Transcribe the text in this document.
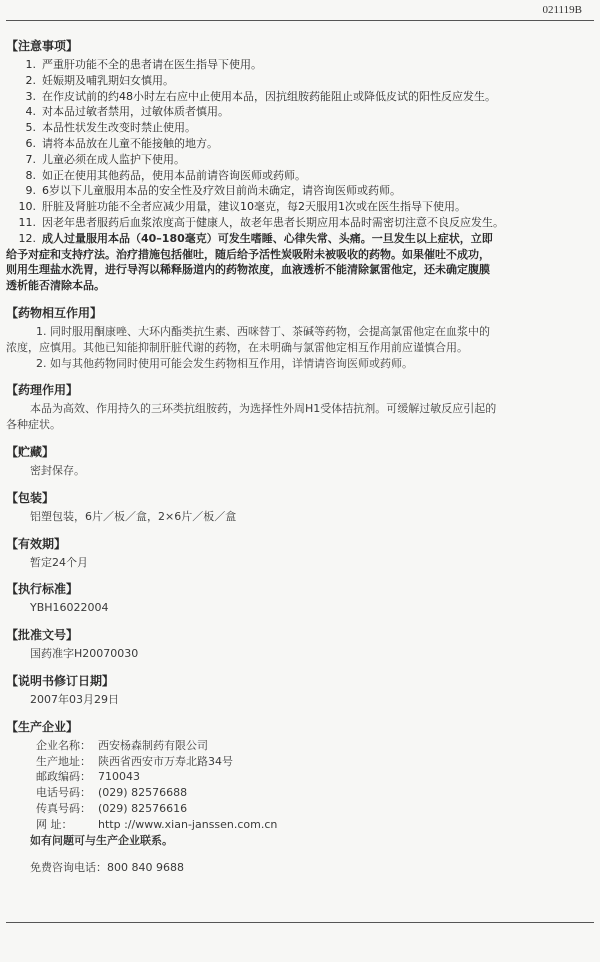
021119B
【注意事项】
1. 严重肝功能不全的患者请在医生指导下使用。
2. 妊娠期及哺乳期妇女慎用。
3. 在作皮试前的约48小时左右应中止使用本品，因抗组胺药能阻止或降低皮试的阳性反应发生。
4. 对本品过敏者禁用，过敏体质者慎用。
5. 本品性状发生改变时禁止使用。
6. 请将本品放在儿童不能接触的地方。
7. 儿童必须在成人监护下使用。
8. 如正在使用其他药品，使用本品前请咨询医师或药师。
9. 6岁以下儿童服用本品的安全性及疗效目前尚未确定，请咨询医师或药师。
10. 肝脏及肾脏功能不全者应减少用量，建议10毫克，每2天服用1次或在医生指导下使用。
11. 因老年患者服药后血浆浓度高于健康人，故老年患者长期应用本品时需密切注意不良反应发生。
12. 成人过量服用本品（40–180毫克）可发生嗜睡、心律失常、头痛。一旦发生以上症状，立即
给予对症和支持疗法。治疗措施包括催吐，随后给予活性炭吸附未被吸收的药物。如果催吐不成功，
则用生理盐水洗胃，进行导泻以稀释肠道内的药物浓度，血液透析不能清除氯雷他定，还未确定腹膜
透析能否清除本品。
【药物相互作用】
1. 同时服用酮康唑、大环内酯类抗生素、西咪替丁、茶碱等药物，会提高氯雷他定在血浆中的
浓度，应慎用。其他已知能抑制肝脏代谢的药物，在未明确与氯雷他定相互作用前应谨慎合用。
2. 如与其他药物同时使用可能会发生药物相互作用，详情请咨询医师或药师。
【药理作用】
本品为高效、作用持久的三环类抗组胺药，为选择性外周H1受体拮抗剂。可缓解过敏反应引起的
各种症状。
【贮藏】
密封保存。
【包装】
铝塑包装，6片／板／盒，2×6片／板／盒
【有效期】
暂定24个月
【执行标准】
YBH16022004
【批准文号】
国药准字H20070030
【说明书修订日期】
2007年03月29日
【生产企业】
企业名称： 西安杨森制药有限公司
生产地址： 陕西省西安市万寿北路34号
邮政编码： 710043
电话号码： (029) 82576688
传真号码： (029) 82576616
网 址：	http ://www.xian-janssen.com.cn
如有问题可与生产企业联系。
免费咨询电话：800 840 9688
